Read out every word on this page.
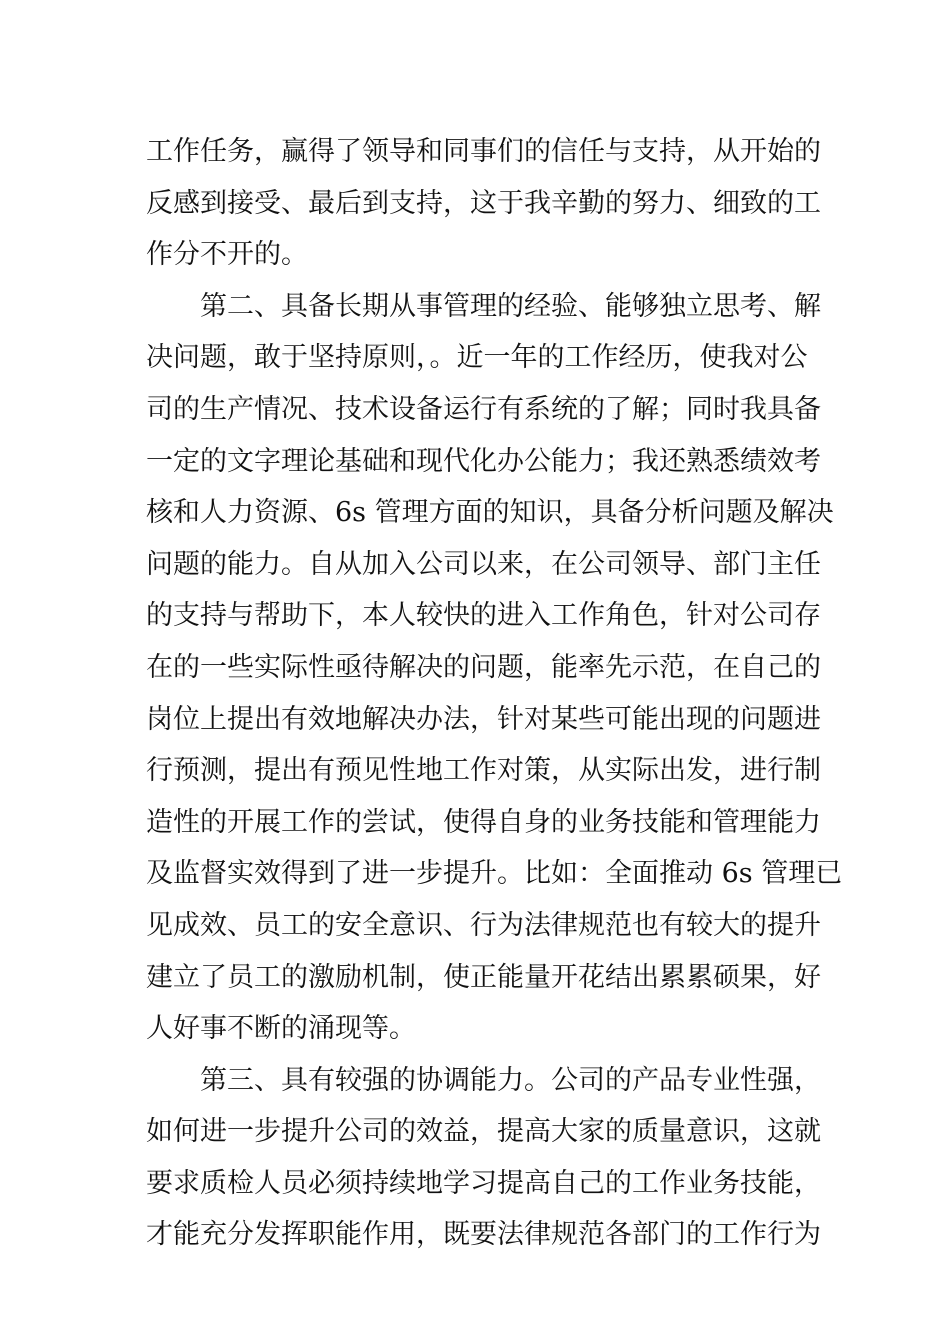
工作任务，赢得了领导和同事们的信任与支持，从开始的
反感到接受、最后到支持，这于我辛勤的努力、细致的工
作分不开的。
第二、具备长期从事管理的经验、能够独立思考、解
决问题，敢于坚持原则，。近一年的工作经历，使我对公
司的生产情况、技术设备运行有系统的了解；同时我具备
一定的文字理论基础和现代化办公能力；我还熟悉绩效考
核和人力资源、6s 管理方面的知识，具备分析问题及解决
问题的能力。自从加入公司以来，在公司领导、部门主任
的支持与帮助下，本人较快的进入工作角色，针对公司存
在的一些实际性亟待解决的问题，能率先示范，在自己的
岗位上提出有效地解决办法，针对某些可能出现的问题进
行预测，提出有预见性地工作对策，从实际出发，进行制
造性的开展工作的尝试，使得自身的业务技能和管理能力
及监督实效得到了进一步提升。比如：全面推动 6s 管理已
见成效、员工的安全意识、行为法律规范也有较大的提升
建立了员工的激励机制，使正能量开花结出累累硕果，好
人好事不断的涌现等。
第三、具有较强的协调能力。公司的产品专业性强，
如何进一步提升公司的效益，提高大家的质量意识，这就
要求质检人员必须持续地学习提高自己的工作业务技能，
才能充分发挥职能作用，既要法律规范各部门的工作行为
